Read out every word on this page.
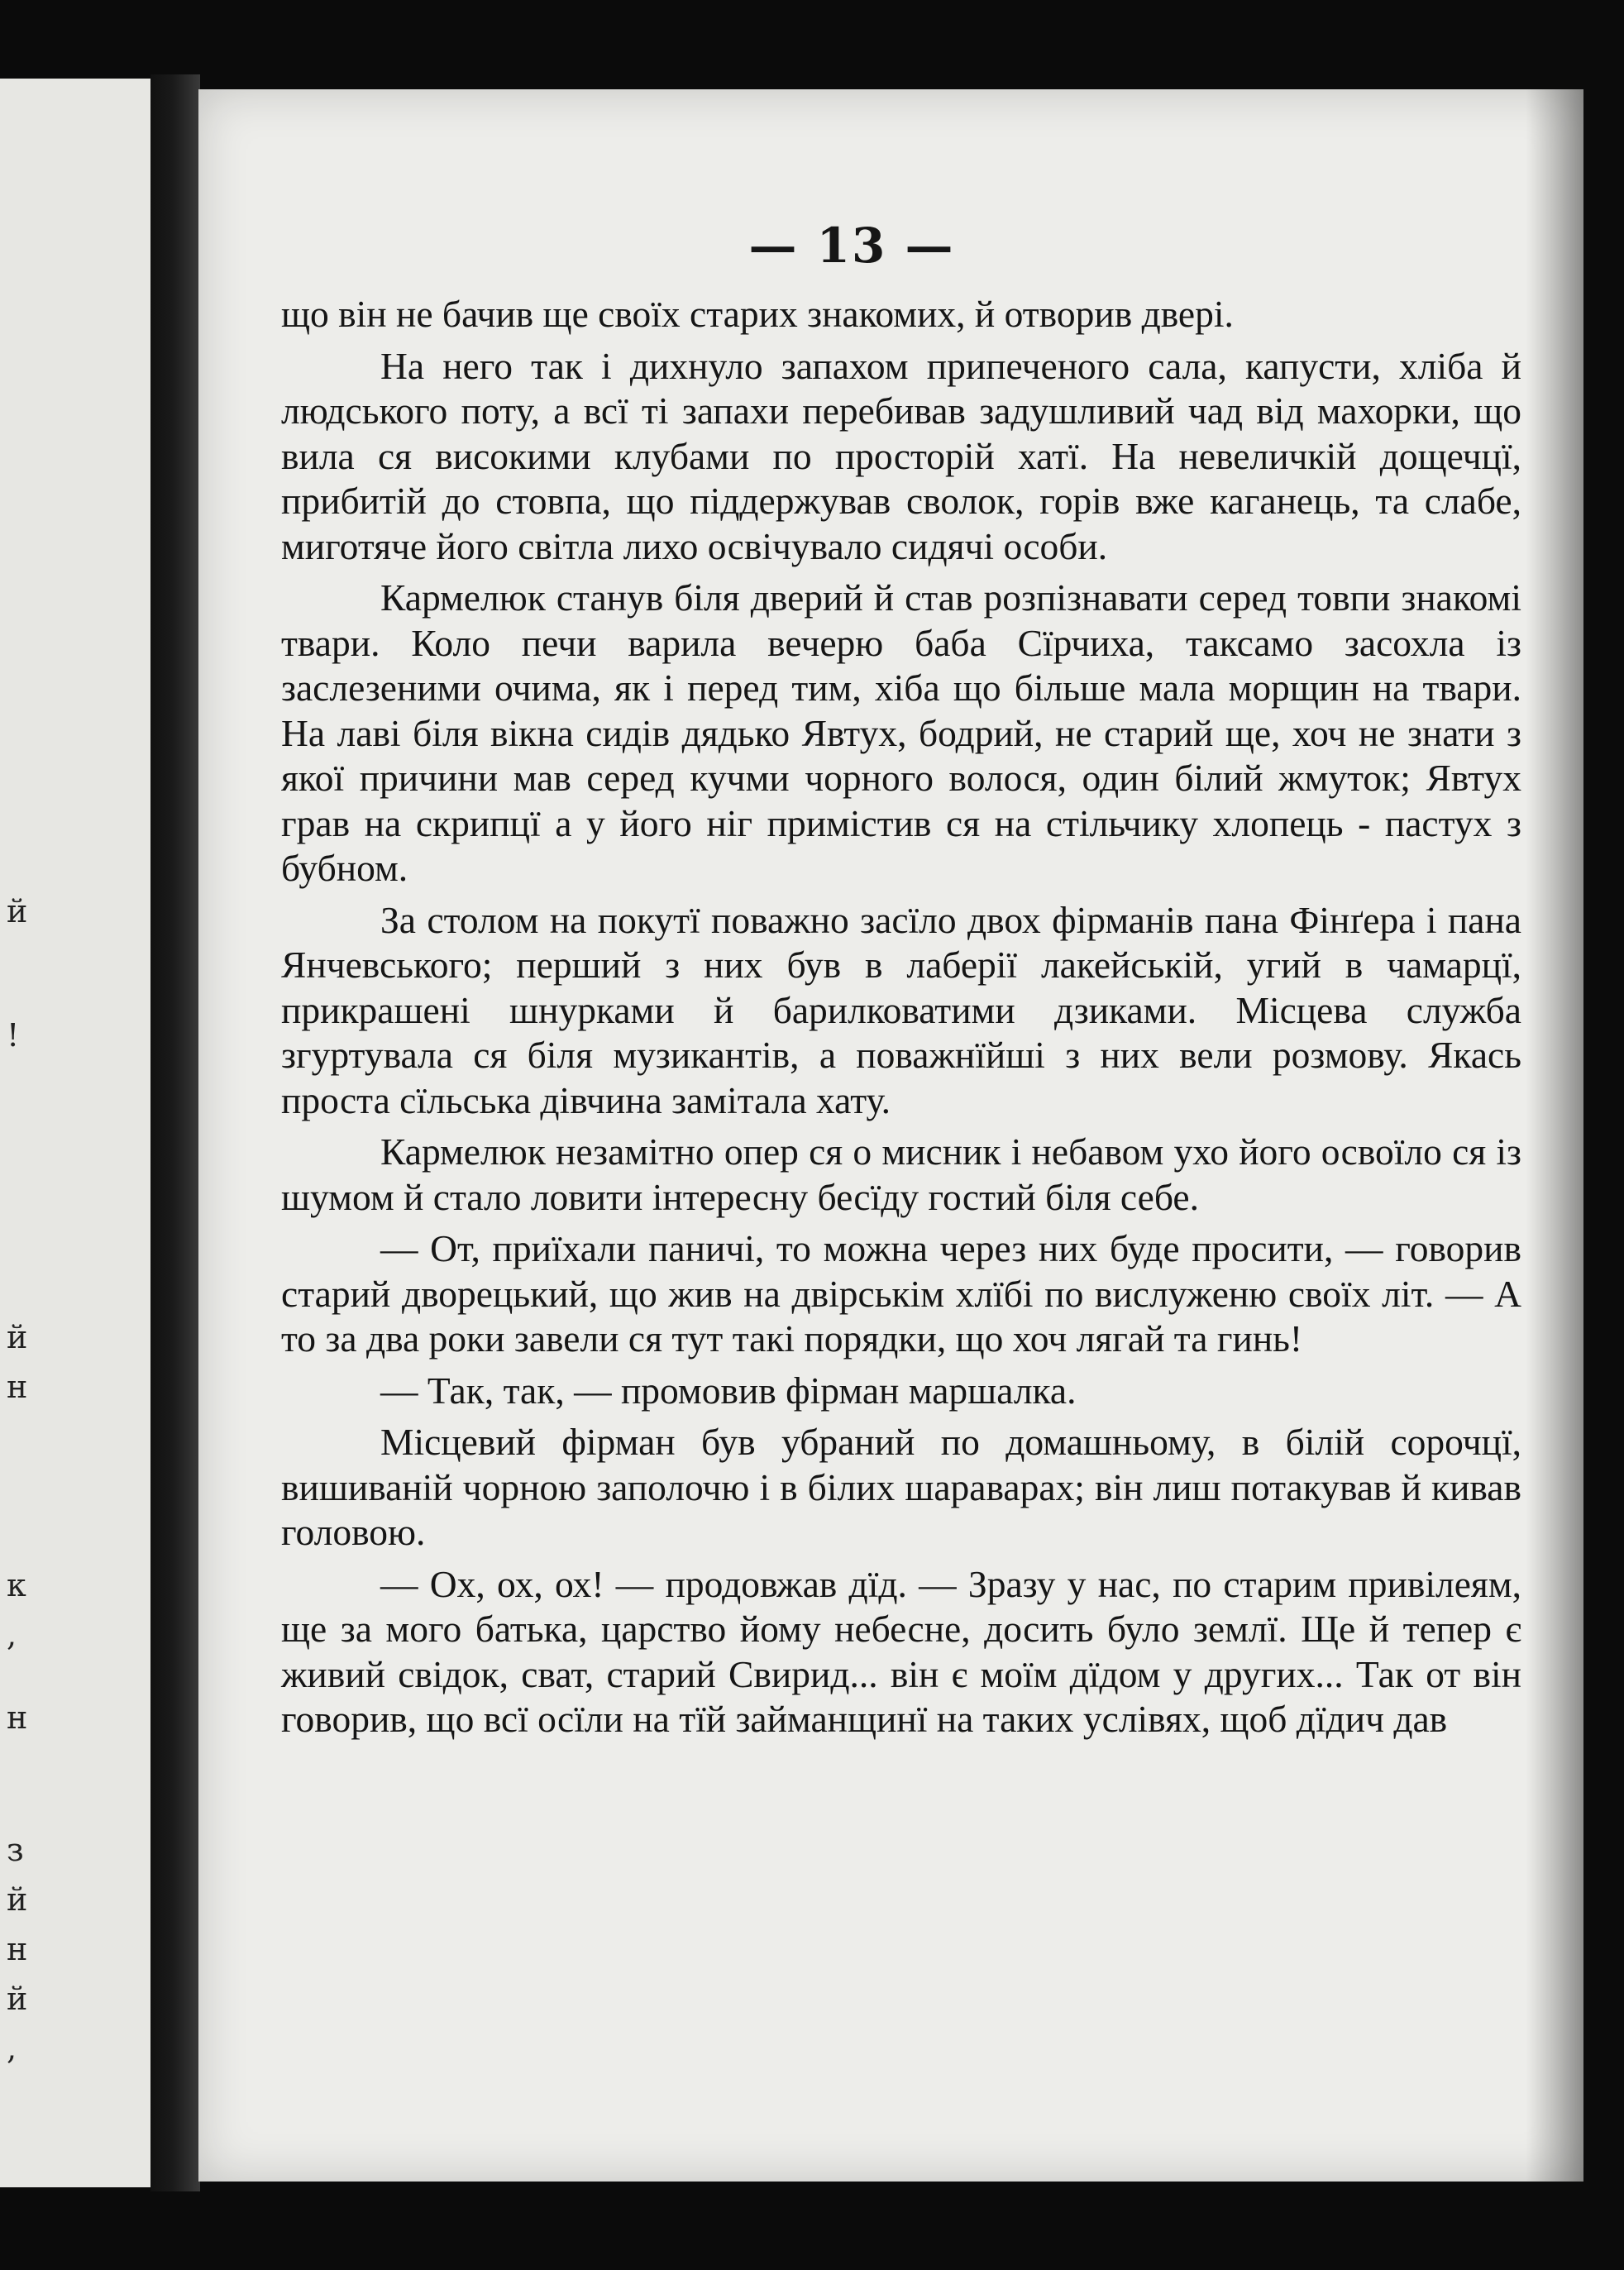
й
!
й
н
к
,
н
з
й
н
й
,
— 13 —

що він не бачив ще своїх старих знакомих, й отворив двері.

На него так і дихнуло запахом припеченого сала, капусти, хліба й людського поту, а всї ті запахи перебивав задушливий чад від махорки, що вила ся високими клубами по просторій хатї. На невеличкій дощечцї, прибитій до стовпа, що піддержував сволок, горів вже каганець, та слабе, миготяче його світла лихо освічувало сидячі особи.

Кармелюк станув біля дверий й став розпізнавати серед товпи знакомі твари. Коло печи варила вечерю баба Сїрчиха, таксамо засохла із заслезеними очима, як і перед тим, хіба що більше мала морщин на твари. На лаві біля вікна сидів дядько Явтух, бодрий, не старий ще, хоч не знати з якої причини мав серед кучми чорного волося, один білий жмуток; Явтух грав на скрипцї а у його ніг примістив ся на стільчику хлопець - пастух з бубном.

За столом на покутї поважно засїло двох фірманів пана Фінґера і пана Янчевського; перший з них був в лаберії лакейській, угий в чамарцї, прикрашені шнурками й барилковатими дзиками. Місцева служба згуртувала ся біля музикантів, а поважнїйші з них вели розмову. Якась проста сїльська дівчина замітала хату.

Кармелюк незамітно опер ся о мисник і небавом ухо його освоїло ся із шумом й стало ловити інтересну бесїду гостий біля себе.

— От, приїхали паничі, то можна через них буде просити, — говорив старий дворецький, що жив на двірськім хлїбі по вислуженю своїх літ. — А то за два роки завели ся тут такі порядки, що хоч лягай та гинь!

— Так, так, — промовив фірман маршалка.

Місцевий фірман був убраний по домашньому, в білій сорочцї, вишиваній чорною заполочю і в білих шараварах; він лиш потакував й кивав головою.

— Ох, ох, ох! — продовжав дїд. — Зразу у нас, по старим привілеям, ще за мого батька, царство йому небесне, досить було землї. Ще й тепер є живий свідок, сват, старий Свирид... він є моїм дїдом у других... Так от він говорив, що всї осїли на тїй займанщинї на таких услівях, щоб дїдич дав
